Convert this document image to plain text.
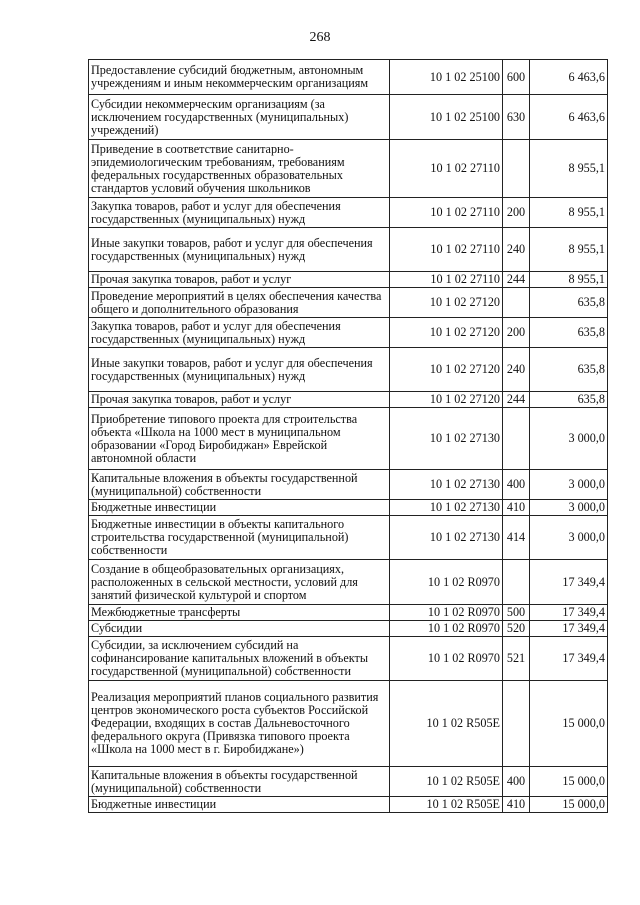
268
Предоставление субсидий бюджетным, автономным учреждениям и иным некоммерческим организациям	10 1 02 25100	600	6 463,6
Субсидии некоммерческим организациям (за исключением государственных (муниципальных) учреждений)	10 1 02 25100	630	6 463,6
Приведение в соответствие санитарно-эпидемиологическим требованиям, требованиям федеральных государственных образовательных стандартов условий обучения школьников	10 1 02 27110		8 955,1
Закупка товаров, работ и услуг для обеспечения государственных (муниципальных) нужд	10 1 02 27110	200	8 955,1
Иные закупки товаров, работ и услуг для обеспечения государственных (муниципальных) нужд	10 1 02 27110	240	8 955,1
Прочая закупка товаров, работ и услуг	10 1 02 27110	244	8 955,1
Проведение мероприятий в целях обеспечения качества общего и дополнительного образования	10 1 02 27120		635,8
Закупка товаров, работ и услуг для обеспечения государственных (муниципальных) нужд	10 1 02 27120	200	635,8
Иные закупки товаров, работ и услуг для обеспечения государственных (муниципальных) нужд	10 1 02 27120	240	635,8
Прочая закупка товаров, работ и услуг	10 1 02 27120	244	635,8
Приобретение типового проекта для строительства объекта «Школа на 1000 мест в муниципальном образовании «Город Биробиджан» Еврейской автономной области	10 1 02 27130		3 000,0
Капитальные вложения в объекты государственной (муниципальной) собственности	10 1 02 27130	400	3 000,0
Бюджетные инвестиции	10 1 02 27130	410	3 000,0
Бюджетные инвестиции в объекты капитального строительства государственной (муниципальной) собственности	10 1 02 27130	414	3 000,0
Создание в общеобразовательных организациях, расположенных в сельской местности, условий для занятий физической культурой и спортом	10 1 02 R0970		17 349,4
Межбюджетные трансферты	10 1 02 R0970	500	17 349,4
Субсидии	10 1 02 R0970	520	17 349,4
Субсидии, за исключением субсидий на софинансирование капитальных вложений в объекты государственной (муниципальной) собственности	10 1 02 R0970	521	17 349,4
Реализация мероприятий планов социального развития центров экономического роста субъектов Российской Федерации, входящих в состав Дальневосточного федерального округа (Привязка типового проекта «Школа на 1000 мест в г. Биробиджане»)	10 1 02 R505E		15 000,0
Капитальные вложения в объекты государственной (муниципальной) собственности	10 1 02 R505E	400	15 000,0
Бюджетные инвестиции	10 1 02 R505E	410	15 000,0
